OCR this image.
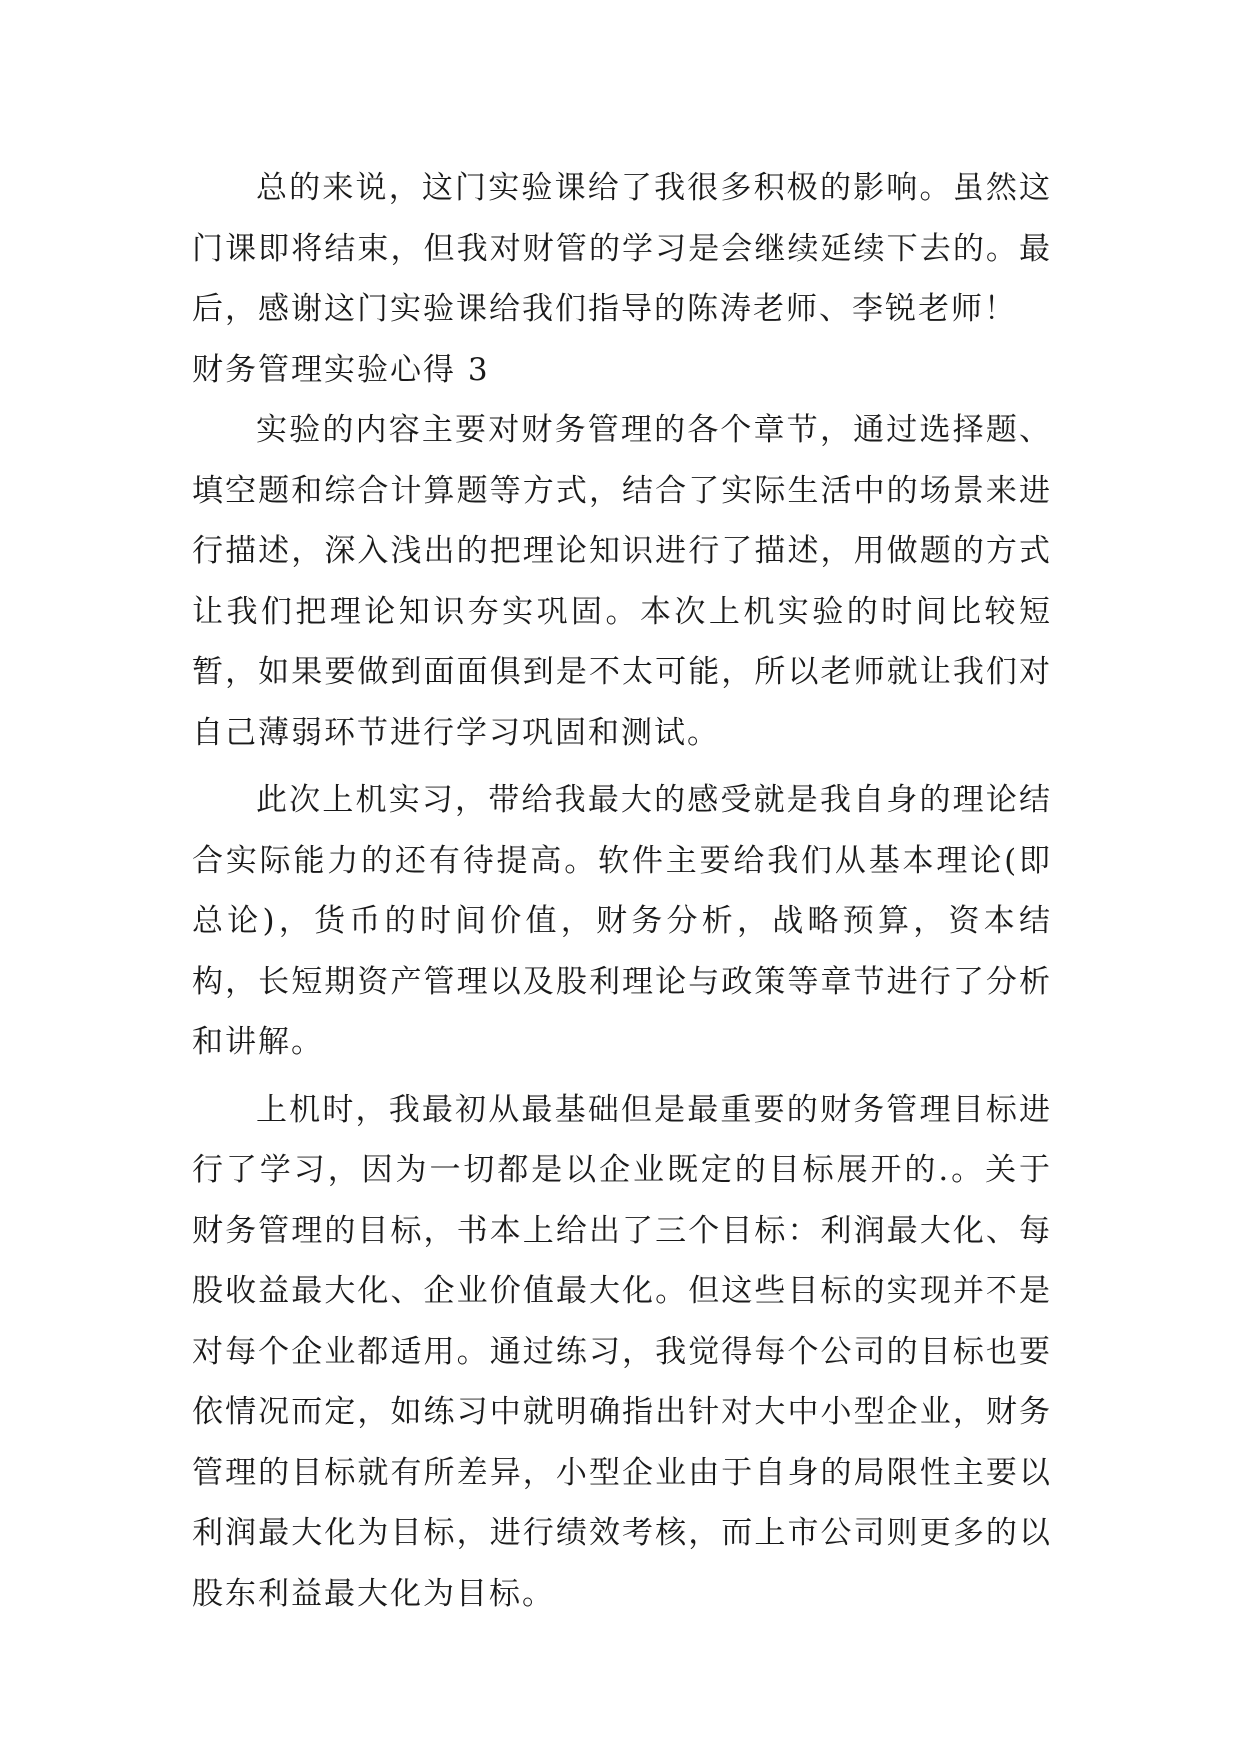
总的来说，这门实验课给了我很多积极的影响。虽然这门课即将结束，但我对财管的学习是会继续延续下去的。最后，感谢这门实验课给我们指导的陈涛老师、李锐老师！

财务管理实验心得 3

实验的内容主要对财务管理的各个章节，通过选择题、填空题和综合计算题等方式，结合了实际生活中的场景来进行描述，深入浅出的把理论知识进行了描述，用做题的方式让我们把理论知识夯实巩固。本次上机实验的时间比较短暂，如果要做到面面俱到是不太可能，所以老师就让我们对自己薄弱环节进行学习巩固和测试。

此次上机实习，带给我最大的感受就是我自身的理论结合实际能力的还有待提高。软件主要给我们从基本理论(即总论)，货币的时间价值，财务分析，战略预算，资本结构，长短期资产管理以及股利理论与政策等章节进行了分析和讲解。

上机时，我最初从最基础但是最重要的财务管理目标进行了学习，因为一切都是以企业既定的目标展开的.。关于财务管理的目标，书本上给出了三个目标：利润最大化、每股收益最大化、企业价值最大化。但这些目标的实现并不是对每个企业都适用。通过练习，我觉得每个公司的目标也要依情况而定，如练习中就明确指出针对大中小型企业，财务管理的目标就有所差异，小型企业由于自身的局限性主要以利润最大化为目标，进行绩效考核，而上市公司则更多的以股东利益最大化为目标。
